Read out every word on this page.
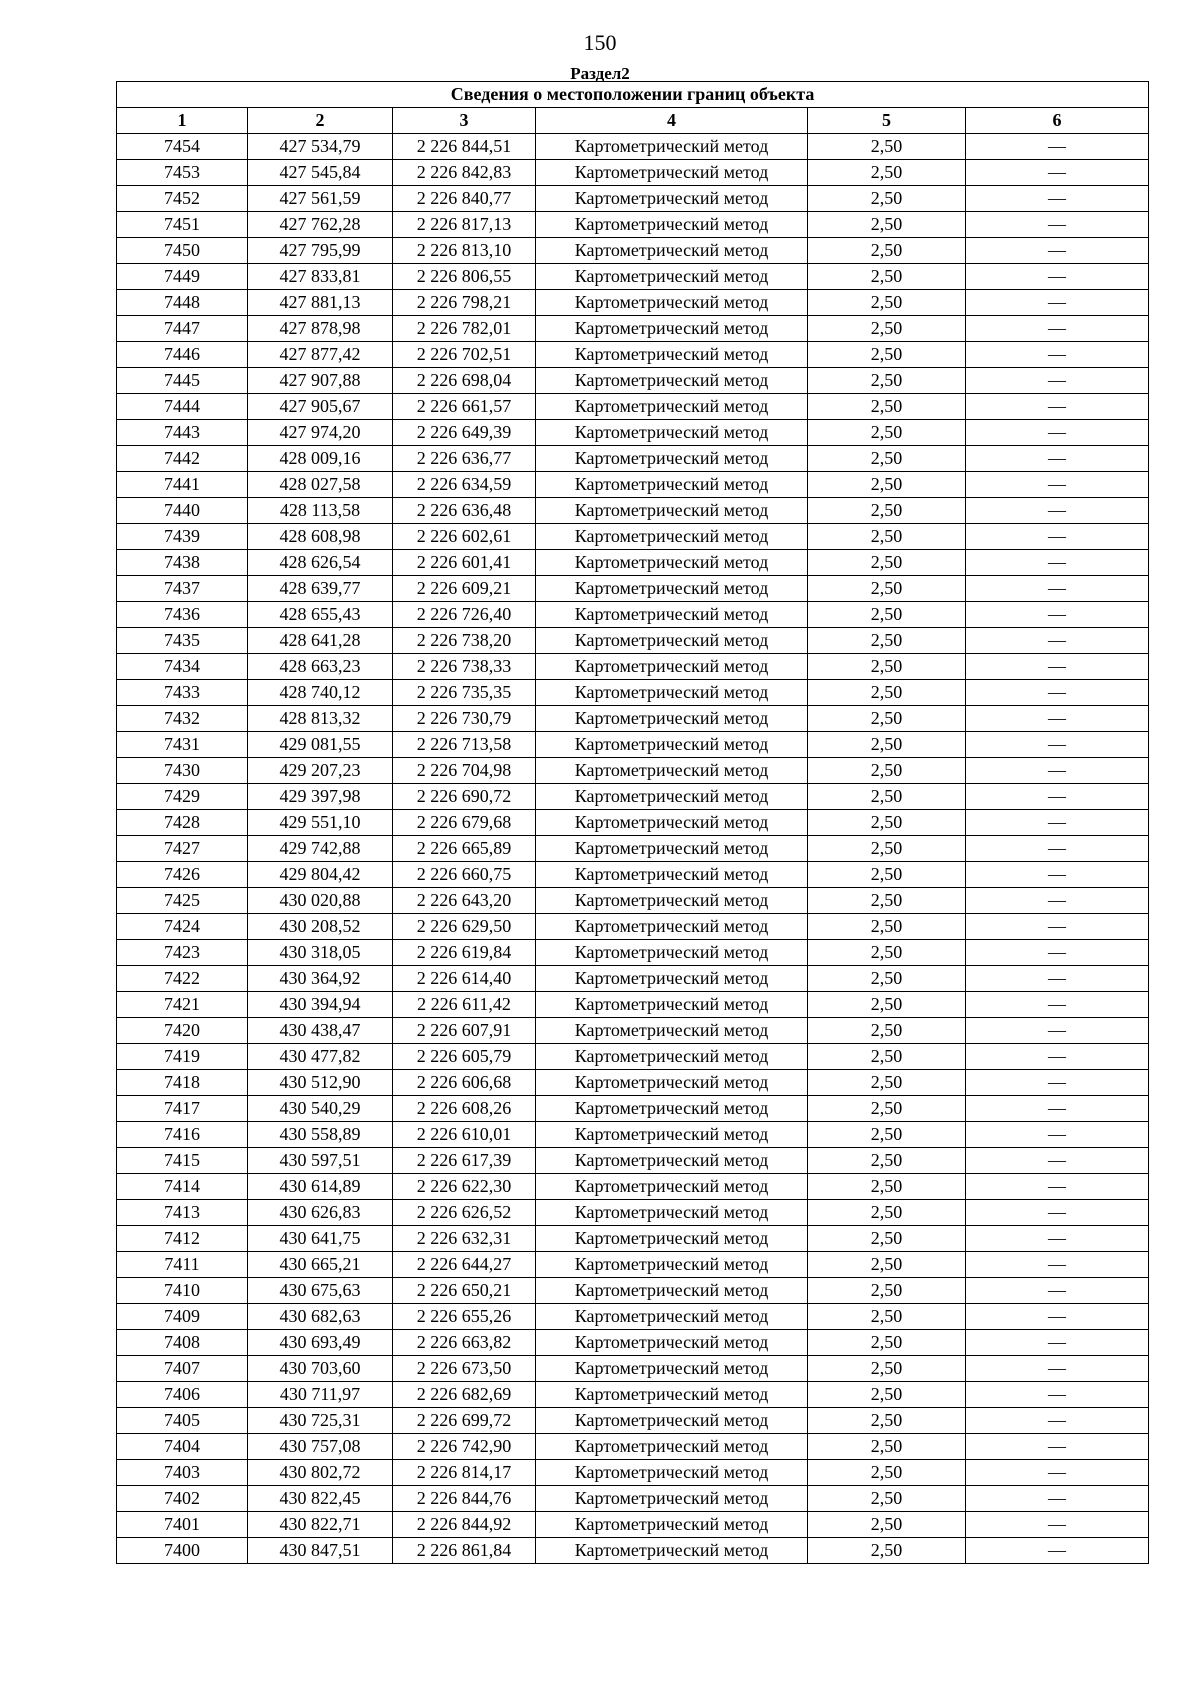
150
Раздел2
Сведения о местоположении границ объекта					
1	2	3	4	5	6
7454	427 534,79	2 226 844,51	Картометрический метод	2,50	—
7453	427 545,84	2 226 842,83	Картометрический метод	2,50	—
7452	427 561,59	2 226 840,77	Картометрический метод	2,50	—
7451	427 762,28	2 226 817,13	Картометрический метод	2,50	—
7450	427 795,99	2 226 813,10	Картометрический метод	2,50	—
7449	427 833,81	2 226 806,55	Картометрический метод	2,50	—
7448	427 881,13	2 226 798,21	Картометрический метод	2,50	—
7447	427 878,98	2 226 782,01	Картометрический метод	2,50	—
7446	427 877,42	2 226 702,51	Картометрический метод	2,50	—
7445	427 907,88	2 226 698,04	Картометрический метод	2,50	—
7444	427 905,67	2 226 661,57	Картометрический метод	2,50	—
7443	427 974,20	2 226 649,39	Картометрический метод	2,50	—
7442	428 009,16	2 226 636,77	Картометрический метод	2,50	—
7441	428 027,58	2 226 634,59	Картометрический метод	2,50	—
7440	428 113,58	2 226 636,48	Картометрический метод	2,50	—
7439	428 608,98	2 226 602,61	Картометрический метод	2,50	—
7438	428 626,54	2 226 601,41	Картометрический метод	2,50	—
7437	428 639,77	2 226 609,21	Картометрический метод	2,50	—
7436	428 655,43	2 226 726,40	Картометрический метод	2,50	—
7435	428 641,28	2 226 738,20	Картометрический метод	2,50	—
7434	428 663,23	2 226 738,33	Картометрический метод	2,50	—
7433	428 740,12	2 226 735,35	Картометрический метод	2,50	—
7432	428 813,32	2 226 730,79	Картометрический метод	2,50	—
7431	429 081,55	2 226 713,58	Картометрический метод	2,50	—
7430	429 207,23	2 226 704,98	Картометрический метод	2,50	—
7429	429 397,98	2 226 690,72	Картометрический метод	2,50	—
7428	429 551,10	2 226 679,68	Картометрический метод	2,50	—
7427	429 742,88	2 226 665,89	Картометрический метод	2,50	—
7426	429 804,42	2 226 660,75	Картометрический метод	2,50	—
7425	430 020,88	2 226 643,20	Картометрический метод	2,50	—
7424	430 208,52	2 226 629,50	Картометрический метод	2,50	—
7423	430 318,05	2 226 619,84	Картометрический метод	2,50	—
7422	430 364,92	2 226 614,40	Картометрический метод	2,50	—
7421	430 394,94	2 226 611,42	Картометрический метод	2,50	—
7420	430 438,47	2 226 607,91	Картометрический метод	2,50	—
7419	430 477,82	2 226 605,79	Картометрический метод	2,50	—
7418	430 512,90	2 226 606,68	Картометрический метод	2,50	—
7417	430 540,29	2 226 608,26	Картометрический метод	2,50	—
7416	430 558,89	2 226 610,01	Картометрический метод	2,50	—
7415	430 597,51	2 226 617,39	Картометрический метод	2,50	—
7414	430 614,89	2 226 622,30	Картометрический метод	2,50	—
7413	430 626,83	2 226 626,52	Картометрический метод	2,50	—
7412	430 641,75	2 226 632,31	Картометрический метод	2,50	—
7411	430 665,21	2 226 644,27	Картометрический метод	2,50	—
7410	430 675,63	2 226 650,21	Картометрический метод	2,50	—
7409	430 682,63	2 226 655,26	Картометрический метод	2,50	—
7408	430 693,49	2 226 663,82	Картометрический метод	2,50	—
7407	430 703,60	2 226 673,50	Картометрический метод	2,50	—
7406	430 711,97	2 226 682,69	Картометрический метод	2,50	—
7405	430 725,31	2 226 699,72	Картометрический метод	2,50	—
7404	430 757,08	2 226 742,90	Картометрический метод	2,50	—
7403	430 802,72	2 226 814,17	Картометрический метод	2,50	—
7402	430 822,45	2 226 844,76	Картометрический метод	2,50	—
7401	430 822,71	2 226 844,92	Картометрический метод	2,50	—
7400	430 847,51	2 226 861,84	Картометрический метод	2,50	—
